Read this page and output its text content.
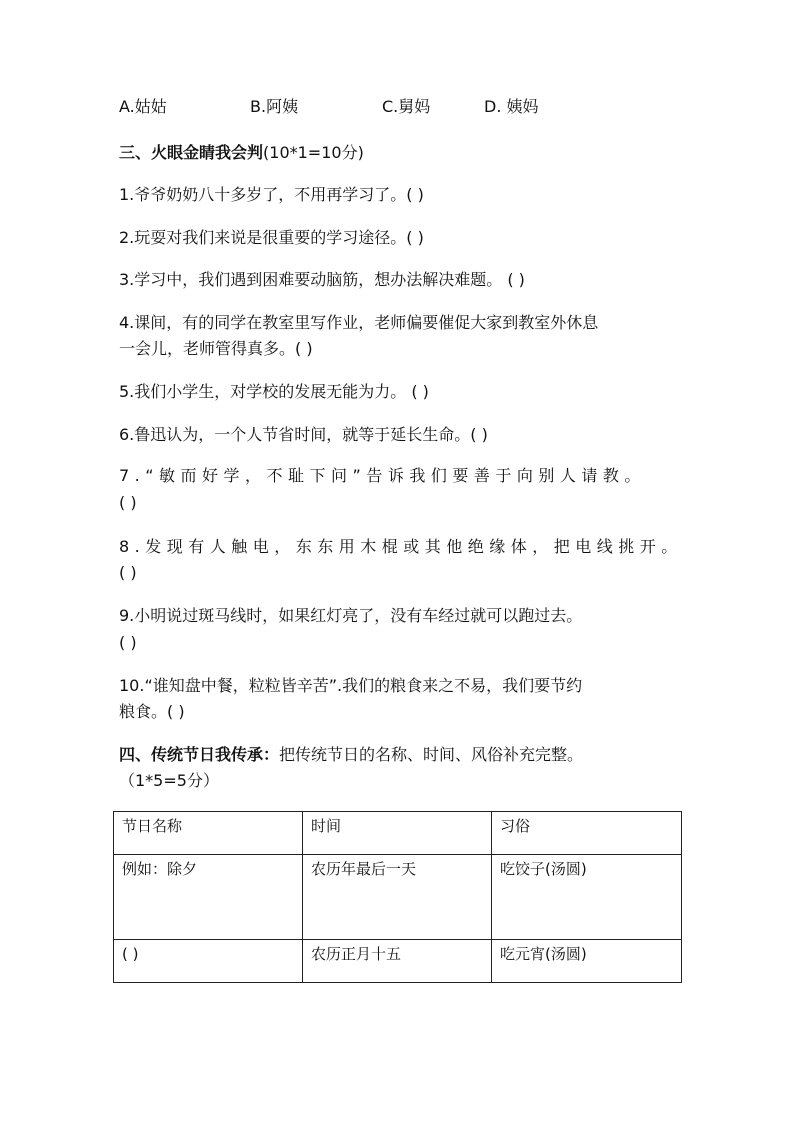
A.姑姑	B.阿姨	C.舅妈	D. 姨妈
三、火眼金睛我会判(10*1=10分)
1.爷爷奶奶八十多岁了，不用再学习了。( )
2.玩耍对我们来说是很重要的学习途径。( )
3.学习中，我们遇到困难要动脑筋，想办法解决难题。 ( )
4.课间，有的同学在教室里写作业，老师偏要催促大家到教室外休息
一会儿，老师管得真多。( )
5.我们小学生，对学校的发展无能为力。 ( )
6.鲁迅认为，一个人节省时间，就等于延长生命。( )
7.“敏而好学，不耻下问”告诉我们要善于向别人请教。
( )
8.发现有人触电，东东用木棍或其他绝缘体，把电线挑开。
( )
9.小明说过斑马线时，如果红灯亮了，没有车经过就可以跑过去。
( )
10.“谁知盘中餐，粒粒皆辛苦”.我们的粮食来之不易，我们要节约
粮食。( )
四、传统节日我传承：把传统节日的名称、时间、风俗补充完整。
（1*5=5分）
节日名称	时间	习俗
例如：除夕	农历年最后一天	吃饺子(汤圆)
( )	农历正月十五	吃元宵(汤圆)
